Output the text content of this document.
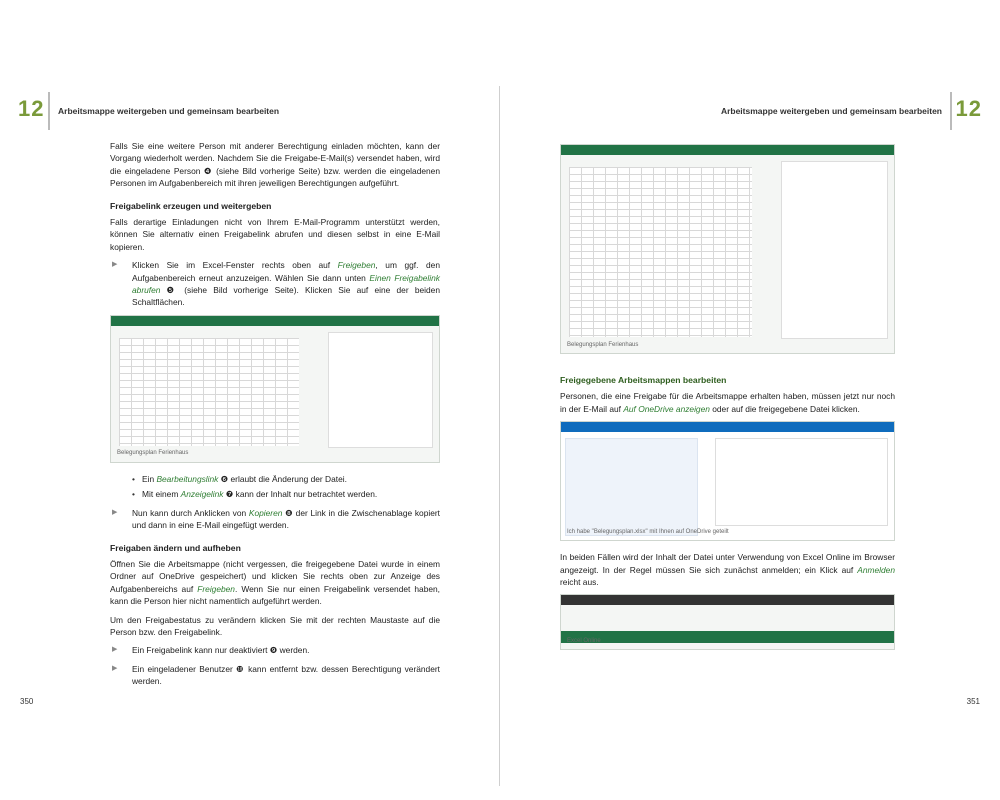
12 Arbeitsmappe weitergeben und gemeinsam bearbeiten

Falls Sie eine weitere Person mit anderer Berechtigung einladen möchten, kann der Vorgang wiederholt werden. Nachdem Sie die Freigabe-E-Mail(s) versendet haben, wird die eingeladene Person ❹ (siehe Bild vorherige Seite) bzw. werden die eingeladenen Personen im Aufgabenbereich mit ihren jeweiligen Berechtigungen aufgeführt.

Freigabelink erzeugen und weitergeben

Falls derartige Einladungen nicht von Ihrem E-Mail-Programm unterstützt werden, können Sie alternativ einen Freigabelink abrufen und diesen selbst in eine E-Mail kopieren.

▶ Klicken Sie im Excel-Fenster rechts oben auf Freigeben, um ggf. den Aufgabenbereich erneut anzuzeigen. Wählen Sie dann unten Einen Freigabelink abrufen ❺ (siehe Bild vorherige Seite). Klicken Sie auf eine der beiden Schaltflächen.
Belegungsplan Ferienhaus
• Ein Bearbeitungslink ❻ erlaubt die Änderung der Datei.
• Mit einem Anzeigelink ❼ kann der Inhalt nur betrachtet werden.
▶ Nun kann durch Anklicken von Kopieren ❽ der Link in die Zwischenablage kopiert und dann in eine E-Mail eingefügt werden.
Freigaben ändern und aufheben

Öffnen Sie die Arbeitsmappe (nicht vergessen, die freigegebene Datei wurde in einem Ordner auf OneDrive gespeichert) und klicken Sie rechts oben zur Anzeige des Aufgabenbereichs auf Freigeben. Wenn Sie nur einen Freigabelink versendet haben, kann die Person hier nicht namentlich aufgeführt werden.

Um den Freigabestatus zu verändern klicken Sie mit der rechten Maustaste auf die Person bzw. den Freigabelink.

▶ Ein Freigabelink kann nur deaktiviert ❾ werden.
▶ Ein eingeladener Benutzer ❿ kann entfernt bzw. dessen Berechtigung verändert werden.
350
Arbeitsmappe weitergeben und gemeinsam bearbeiten 12
Belegungsplan Ferienhaus
Freigegebene Arbeitsmappen bearbeiten

Personen, die eine Freigabe für die Arbeitsmappe erhalten haben, müssen jetzt nur noch in der E-Mail auf Auf OneDrive anzeigen oder auf die freigegebene Datei klicken.

Ich habe "Belegungsplan.xlsx" mit Ihnen auf OneDrive geteilt

In beiden Fällen wird der Inhalt der Datei unter Verwendung von Excel Online im Browser angezeigt. In der Regel müssen Sie sich zunächst anmelden; ein Klick auf Anmelden reicht aus.

Excel Online
351
